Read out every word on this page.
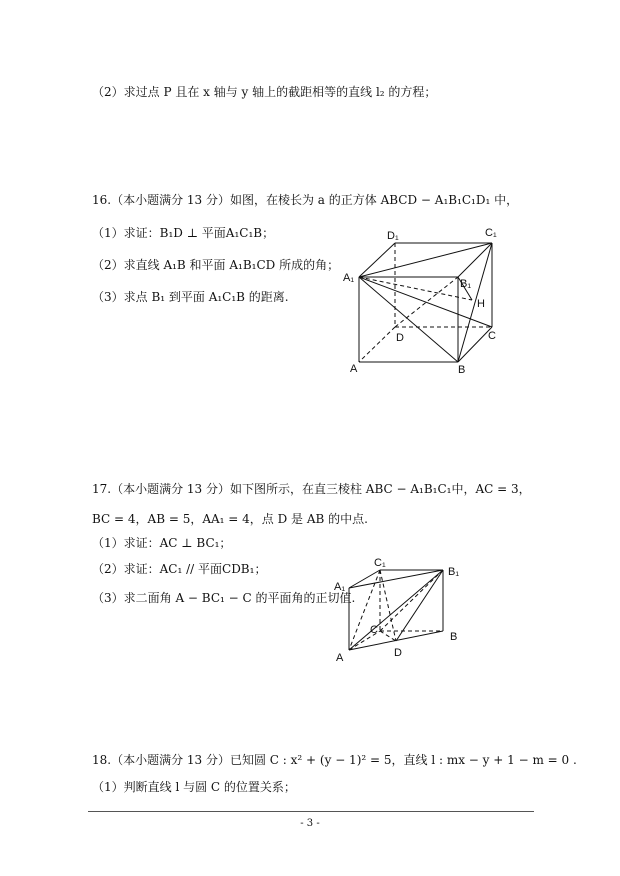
（2）求过点 P 且在 x 轴与 y 轴上的截距相等的直线 l₂ 的方程；
16.（本小题满分 13 分）如图，在棱长为 a 的正方体 ABCD − A₁B₁C₁D₁ 中，
（1）求证：B₁D ⊥ 平面A₁C₁B；
（2）求直线 A₁B 和平面 A₁B₁CD 所成的角；
（3）求点 B₁ 到平面 A₁C₁B 的距离.
D₁	C₁
A₁	B₁
H
D	C
A	B
17.（本小题满分 13 分）如下图所示，在直三棱柱 ABC − A₁B₁C₁中，AC = 3，
BC = 4，AB = 5，AA₁ = 4，点 D 是 AB 的中点.
（1）求证：AC ⊥ BC₁；
（2）求证：AC₁ // 平面CDB₁；
（3）求二面角 A − BC₁ − C 的平面角的正切值.
C₁
A₁
B₁
C
A	D
B
18.（本小题满分 13 分）已知圆 C : x² + (y − 1)² = 5，直线 l : mx − y + 1 − m = 0 .
（1）判断直线 l 与圆 C 的位置关系；
- 3 -
